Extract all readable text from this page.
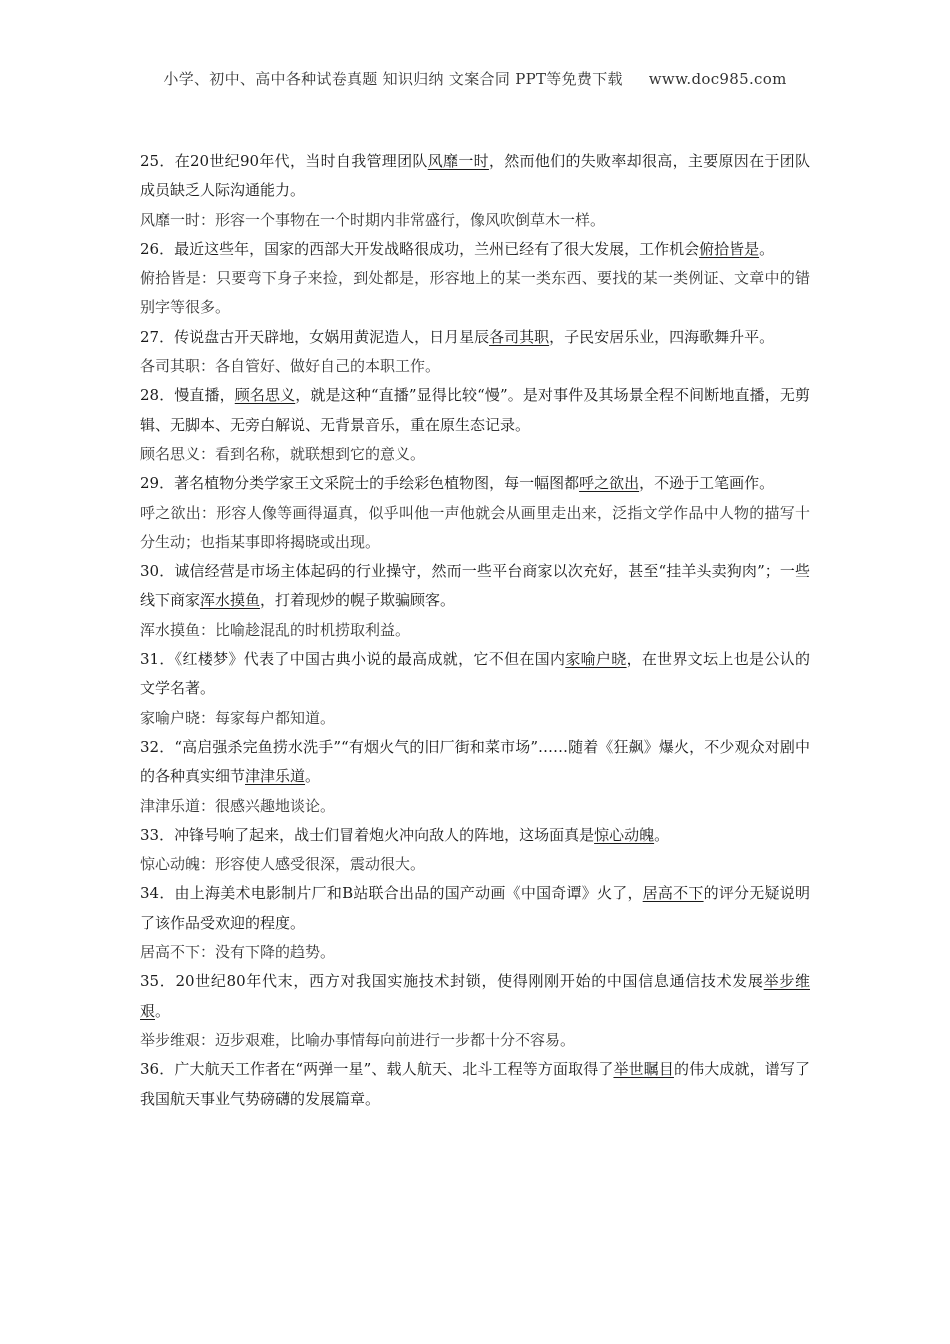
小学、初中、高中各种试卷真题 知识归纳 文案合同 PPT等免费下载 www.doc985.com

25．在20世纪90年代，当时自我管理团队风靡一时，然而他们的失败率却很高，主要原因在于团队成员缺乏人际沟通能力。

风靡一时：形容一个事物在一个时期内非常盛行，像风吹倒草木一样。

26．最近这些年，国家的西部大开发战略很成功，兰州已经有了很大发展，工作机会俯拾皆是。

俯拾皆是：只要弯下身子来捡，到处都是，形容地上的某一类东西、要找的某一类例证、文章中的错别字等很多。

27．传说盘古开天辟地，女娲用黄泥造人，日月星辰各司其职，子民安居乐业，四海歌舞升平。

各司其职：各自管好、做好自己的本职工作。

28．慢直播，顾名思义，就是这种“直播”显得比较“慢”。是对事件及其场景全程不间断地直播，无剪辑、无脚本、无旁白解说、无背景音乐，重在原生态记录。

顾名思义：看到名称，就联想到它的意义。

29．著名植物分类学家王文采院士的手绘彩色植物图，每一幅图都呼之欲出，不逊于工笔画作。

呼之欲出：形容人像等画得逼真，似乎叫他一声他就会从画里走出来，泛指文学作品中人物的描写十分生动；也指某事即将揭晓或出现。

30．诚信经营是市场主体起码的行业操守，然而一些平台商家以次充好，甚至“挂羊头卖狗肉”；一些线下商家浑水摸鱼，打着现炒的幌子欺骗顾客。

浑水摸鱼：比喻趁混乱的时机捞取利益。

31．《红楼梦》代表了中国古典小说的最高成就，它不但在国内家喻户晓，在世界文坛上也是公认的文学名著。

家喻户晓：每家每户都知道。

32．“高启强杀完鱼捞水洗手”“有烟火气的旧厂街和菜市场”……随着《狂飙》爆火，不少观众对剧中的各种真实细节津津乐道。

津津乐道：很感兴趣地谈论。

33．冲锋号响了起来，战士们冒着炮火冲向敌人的阵地，这场面真是惊心动魄。

惊心动魄：形容使人感受很深，震动很大。

34．由上海美术电影制片厂和B站联合出品的国产动画《中国奇谭》火了，居高不下的评分无疑说明了该作品受欢迎的程度。

居高不下：没有下降的趋势。

35．20世纪80年代末，西方对我国实施技术封锁，使得刚刚开始的中国信息通信技术发展举步维艰。

举步维艰：迈步艰难，比喻办事情每向前进行一步都十分不容易。

36．广大航天工作者在“两弹一星”、载人航天、北斗工程等方面取得了举世瞩目的伟大成就，谱写了我国航天事业气势磅礴的发展篇章。
